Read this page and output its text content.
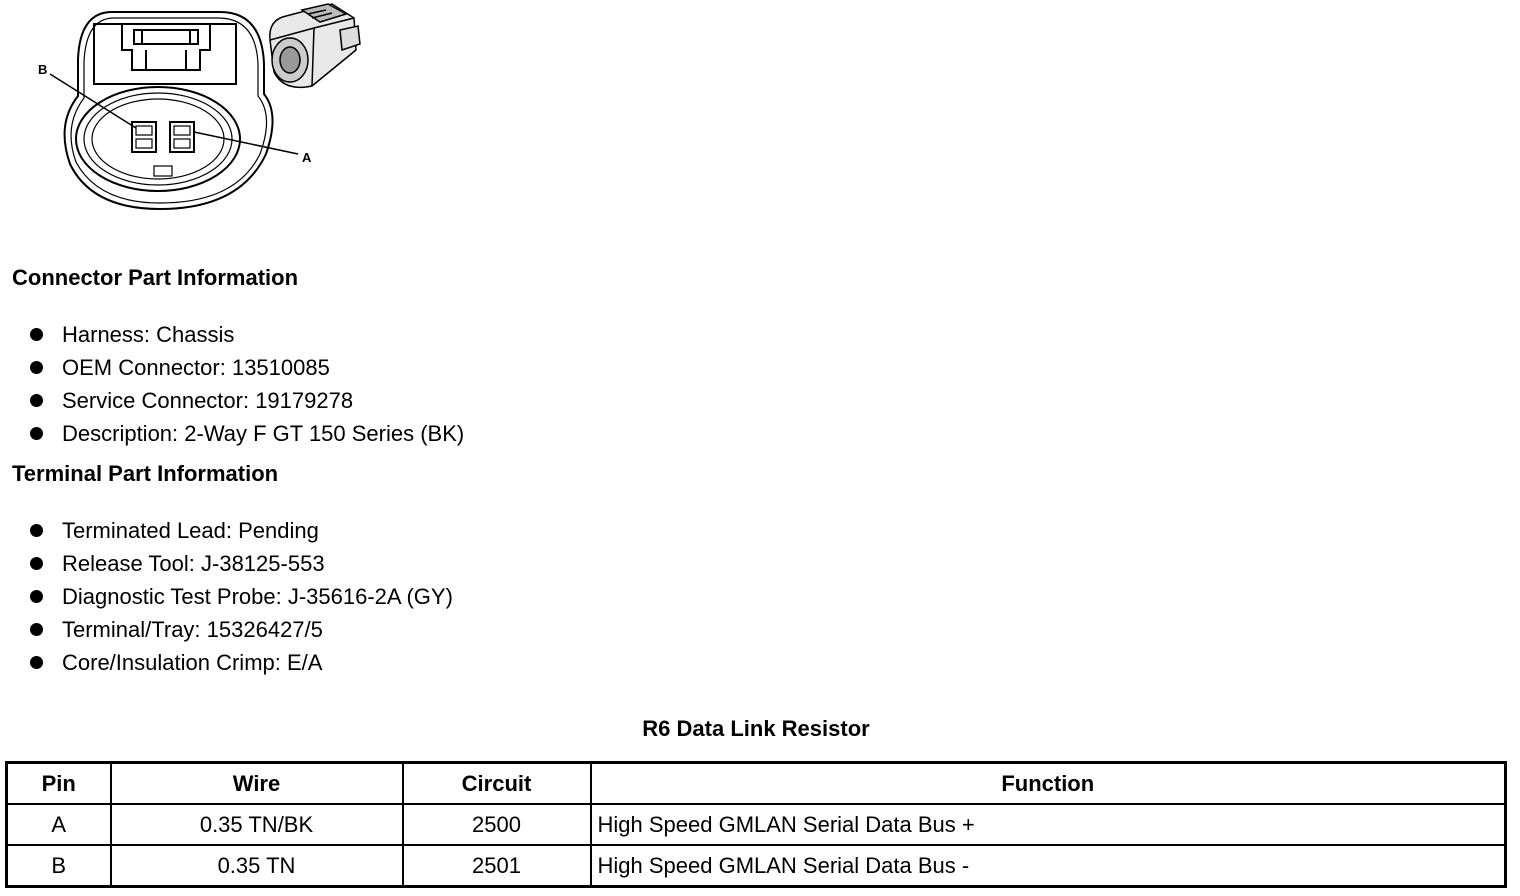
B
A
Connector Part Information
Harness: Chassis
OEM Connector: 13510085
Service Connector: 19179278
Description: 2-Way F GT 150 Series (BK)
Terminal Part Information
Terminated Lead: Pending
Release Tool: J-38125-553
Diagnostic Test Probe: J-35616-2A (GY)
Terminal/Tray: 15326427/5
Core/Insulation Crimp: E/A
R6 Data Link Resistor
Pin	Wire	Circuit	Function
A	0.35 TN/BK	2500	High Speed GMLAN Serial Data Bus +
B	0.35 TN	2501	High Speed GMLAN Serial Data Bus -
